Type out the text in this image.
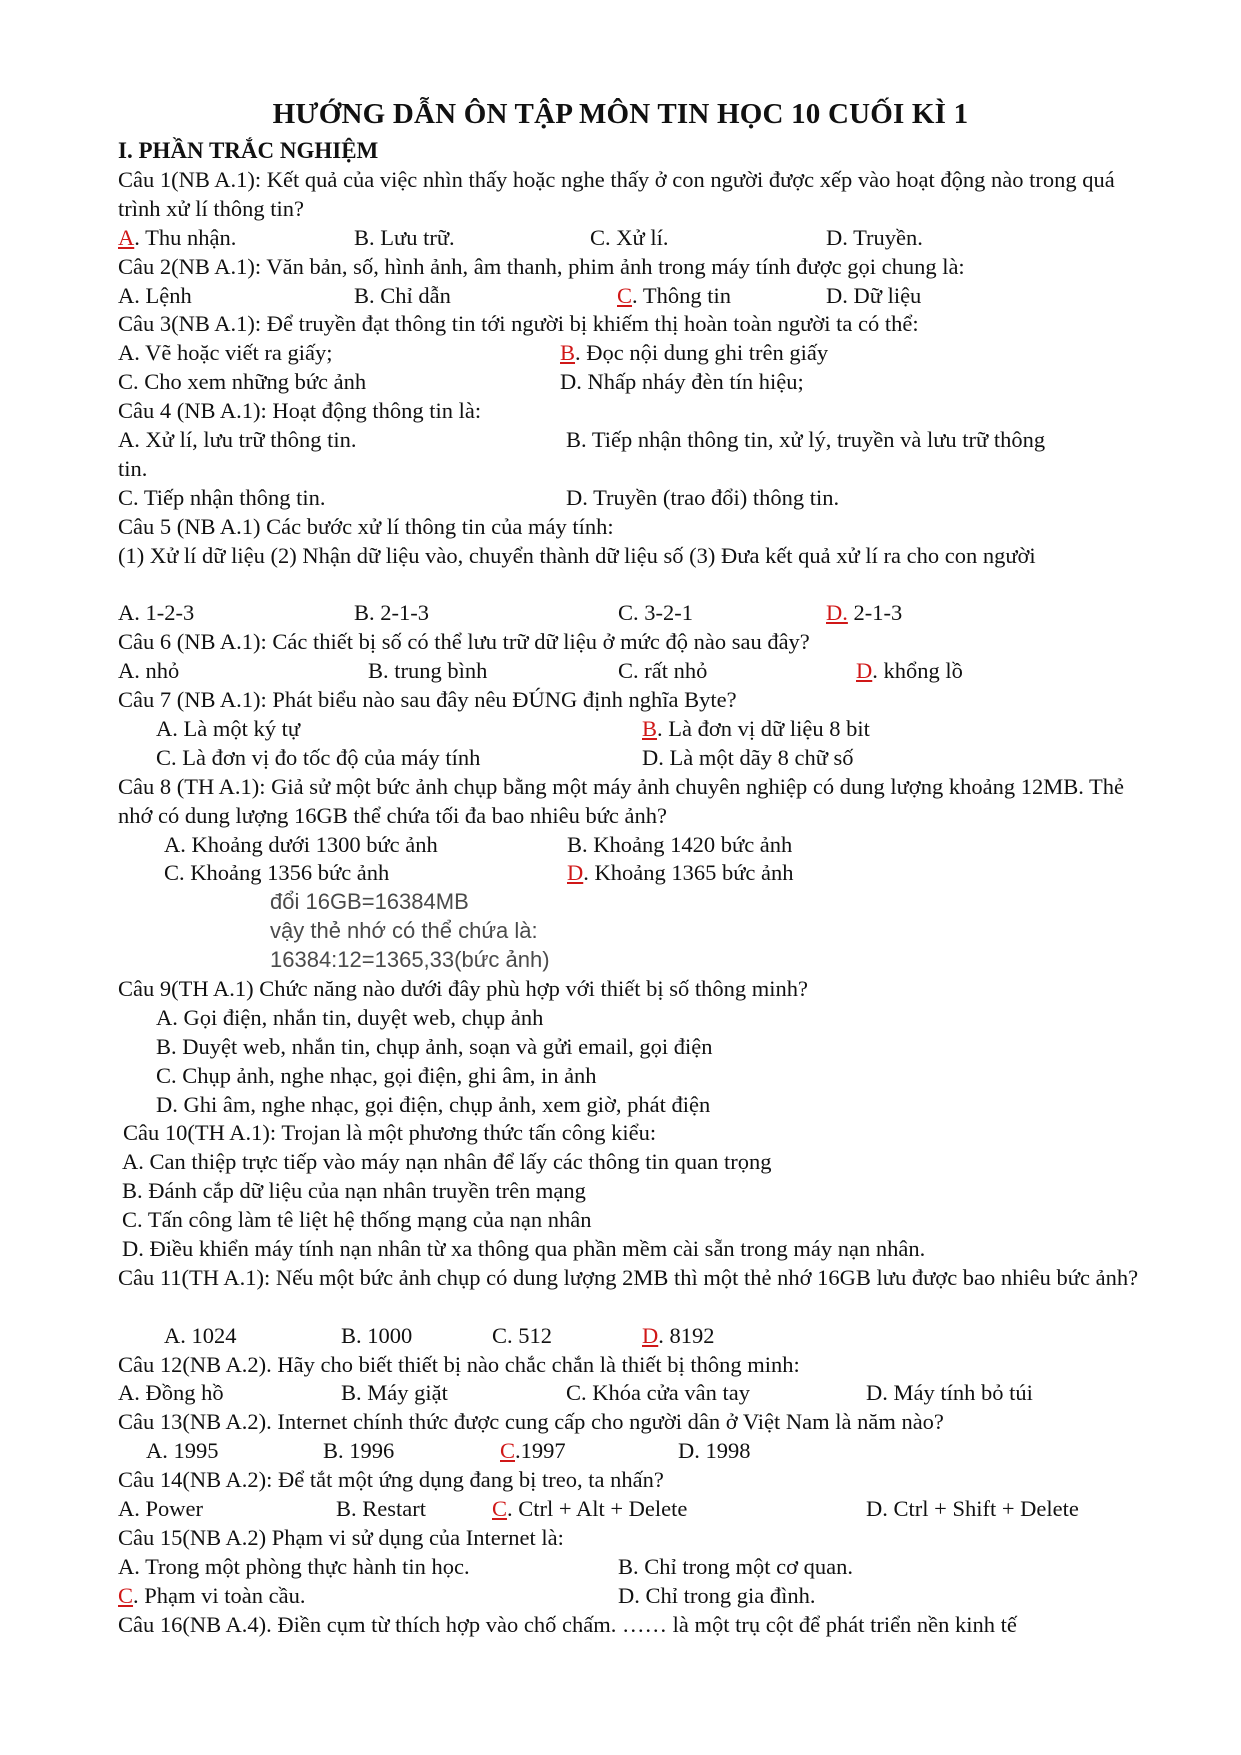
HƯỚNG DẪN ÔN TẬP MÔN TIN HỌC 10 CUỐI KÌ 1
I. PHẦN TRẮC NGHIỆM
Câu 1(NB A.1): Kết quả của việc nhìn thấy hoặc nghe thấy ở con người được xếp vào hoạt động nào trong quá trình xử lí thông tin?
A. Thu nhận.	B. Lưu trữ.	C. Xử lí.	D. Truyền.
Câu 2(NB A.1): Văn bản, số, hình ảnh, âm thanh, phim ảnh trong máy tính được gọi chung là:
A. Lệnh	B. Chỉ dẫn	C. Thông tin	D. Dữ liệu
Câu 3(NB A.1): Để truyền đạt thông tin tới người bị khiếm thị hoàn toàn người ta có thể:
A. Vẽ hoặc viết ra giấy;	B. Đọc nội dung ghi trên giấy
C. Cho xem những bức ảnh	D. Nhấp nháy đèn tín hiệu;
Câu 4 (NB A.1): Hoạt động thông tin là:
A. Xử lí, lưu trữ thông tin.	B. Tiếp nhận thông tin, xử lý, truyền và lưu trữ thông
tin.
C. Tiếp nhận thông tin.	D. Truyền (trao đổi) thông tin.
Câu 5 (NB A.1) Các bước xử lí thông tin của máy tính:
(1) Xử lí dữ liệu (2) Nhận dữ liệu vào, chuyển thành dữ liệu số (3) Đưa kết quả xử lí ra cho con người
A. 1-2-3	B. 2-1-3	C. 3-2-1	D. 2-1-3
Câu 6 (NB A.1): Các thiết bị số có thể lưu trữ dữ liệu ở mức độ nào sau đây?
A. nhỏ	B. trung bình	C. rất nhỏ	D. khổng lồ
Câu 7 (NB A.1): Phát biểu nào sau đây nêu ĐÚNG định nghĩa Byte?
A. Là một ký tự	B. Là đơn vị dữ liệu 8 bit
C. Là đơn vị đo tốc độ của máy tính	D. Là một dãy 8 chữ số
Câu 8 (TH A.1): Giả sử một bức ảnh chụp bằng một máy ảnh chuyên nghiệp có dung lượng khoảng 12MB. Thẻ nhớ có dung lượng 16GB thể chứa tối đa bao nhiêu bức ảnh?
A. Khoảng dưới 1300 bức ảnh	B. Khoảng 1420 bức ảnh
C. Khoảng 1356 bức ảnh	D. Khoảng 1365 bức ảnh
đổi 16GB=16384MB
vậy thẻ nhớ có thể chứa là:
16384:12=1365,33(bức ảnh)
Câu 9(TH A.1) Chức năng nào dưới đây phù hợp với thiết bị số thông minh?
A. Gọi điện, nhắn tin, duyệt web, chụp ảnh
B. Duyệt web, nhắn tin, chụp ảnh, soạn và gửi email, gọi điện
C. Chụp ảnh, nghe nhạc, gọi điện, ghi âm, in ảnh
D. Ghi âm, nghe nhạc, gọi điện, chụp ảnh, xem giờ, phát điện
Câu 10(TH A.1): Trojan là một phương thức tấn công kiểu:
A. Can thiệp trực tiếp vào máy nạn nhân để lấy các thông tin quan trọng
B. Đánh cắp dữ liệu của nạn nhân truyền trên mạng
C. Tấn công làm tê liệt hệ thống mạng của nạn nhân
D. Điều khiển máy tính nạn nhân từ xa thông qua phần mềm cài sẵn trong máy nạn nhân.
Câu 11(TH A.1): Nếu một bức ảnh chụp có dung lượng 2MB thì một thẻ nhớ 16GB lưu được bao nhiêu bức ảnh?
A. 1024	B. 1000	C. 512	D. 8192
Câu 12(NB A.2). Hãy cho biết thiết bị nào chắc chắn là thiết bị thông minh:
A. Đồng hồ	B. Máy giặt	C. Khóa cửa vân tay	D. Máy tính bỏ túi
Câu 13(NB A.2). Internet chính thức được cung cấp cho người dân ở Việt Nam là năm nào?
A. 1995	B. 1996	C.1997	D. 1998
Câu 14(NB A.2): Để tắt một ứng dụng đang bị treo, ta nhấn?
A. Power	B. Restart	C. Ctrl + Alt + Delete	D. Ctrl + Shift + Delete
Câu 15(NB A.2) Phạm vi sử dụng của Internet là:
A. Trong một phòng thực hành tin học.	B. Chỉ trong một cơ quan.
C. Phạm vi toàn cầu.	D. Chỉ trong gia đình.
Câu 16(NB A.4). Điền cụm từ thích hợp vào chố chấm. …… là một trụ cột để phát triển nền kinh tế
